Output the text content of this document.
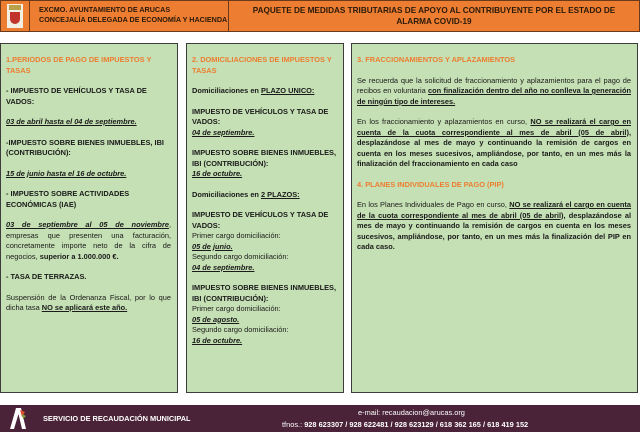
EXCMO. AYUNTAMIENTO DE ARUCAS
CONCEJALÍA DELEGADA DE ECONOMÍA Y HACIENDA
PAQUETE DE MEDIDAS TRIBUTARIAS DE APOYO AL CONTRIBUYENTE POR EL ESTADO DE
ALARMA COVID-19
1.PERIODOS DE PAGO DE IMPUESTOS Y TASAS
- IMPUESTO DE VEHÍCULOS Y TASA DE VADOS:
03 de abril hasta el 04 de septiembre.
-IMPUESTO SOBRE BIENES INMUEBLES, IBI (CONTRIBUCIÓN):
15 de junio hasta el 16 de octubre.
- IMPUESTO SOBRE ACTIVIDADES ECONÓMICAS (IAE)
03 de septiembre al 05 de noviembre, empresas que presenten una facturación, concretamente importe neto de la cifra de negocios, superior a 1.000.000 €.
- TASA DE TERRAZAS.
Suspensión de la Ordenanza Fiscal, por lo que dicha tasa NO se aplicará este año.
2. DOMICILIACIONES DE IMPUESTOS Y TASAS
Domiciliaciones en PLAZO UNICO:
IMPUESTO DE VEHÍCULOS Y TASA DE VADOS:
04 de septiembre.
IMPUESTO SOBRE BIENES INMUEBLES, IBI (CONTRIBUCIÓN):
16 de octubre.
Domiciliaciones en 2 PLAZOS:
IMPUESTO DE VEHÍCULOS Y TASA DE VADOS:
Primer cargo domiciliación:
05 de junio.
Segundo cargo domiciliación:
04 de septiembre.
IMPUESTO SOBRE BIENES INMUEBLES, IBI (CONTRIBUCIÓN):
Primer cargo domiciliación:
05 de agosto.
Segundo cargo domiciliación:
16 de octubre.
3. FRACCIONAMIENTOS Y APLAZAMIENTOS
Se recuerda que la solicitud de fraccionamiento y aplazamientos para el pago de recibos en voluntaria con finalización dentro del año no conlleva la generación de ningún tipo de intereses.
En los fraccionamiento y aplazamientos en curso, NO se realizará el cargo en cuenta de la cuota correspondiente al mes de abril (05 de abril), desplazándose al mes de mayo y continuando la remisión de cargos en cuenta en los meses sucesivos, ampliándose, por tanto, en un mes más la finalización del fraccionamiento en cada caso
4. PLANES INDIVIDUALES DE PAGO (PIP)
En los Planes Individuales de Pago en curso, NO se realizará el cargo en cuenta de la cuota correspondiente al mes de abril (05 de abril), desplazándose al mes de mayo y continuando la remisión de cargos en cuenta en los meses sucesivos, ampliándose, por tanto, en un mes más la finalización del PIP en cada caso.
SERVICIO DE RECAUDACIÓN MUNICIPAL
e-mail: recaudacion@arucas.org
tfnos.: 928 623307 / 928 622481 / 928 623129 / 618 362 165 / 618 419 152
